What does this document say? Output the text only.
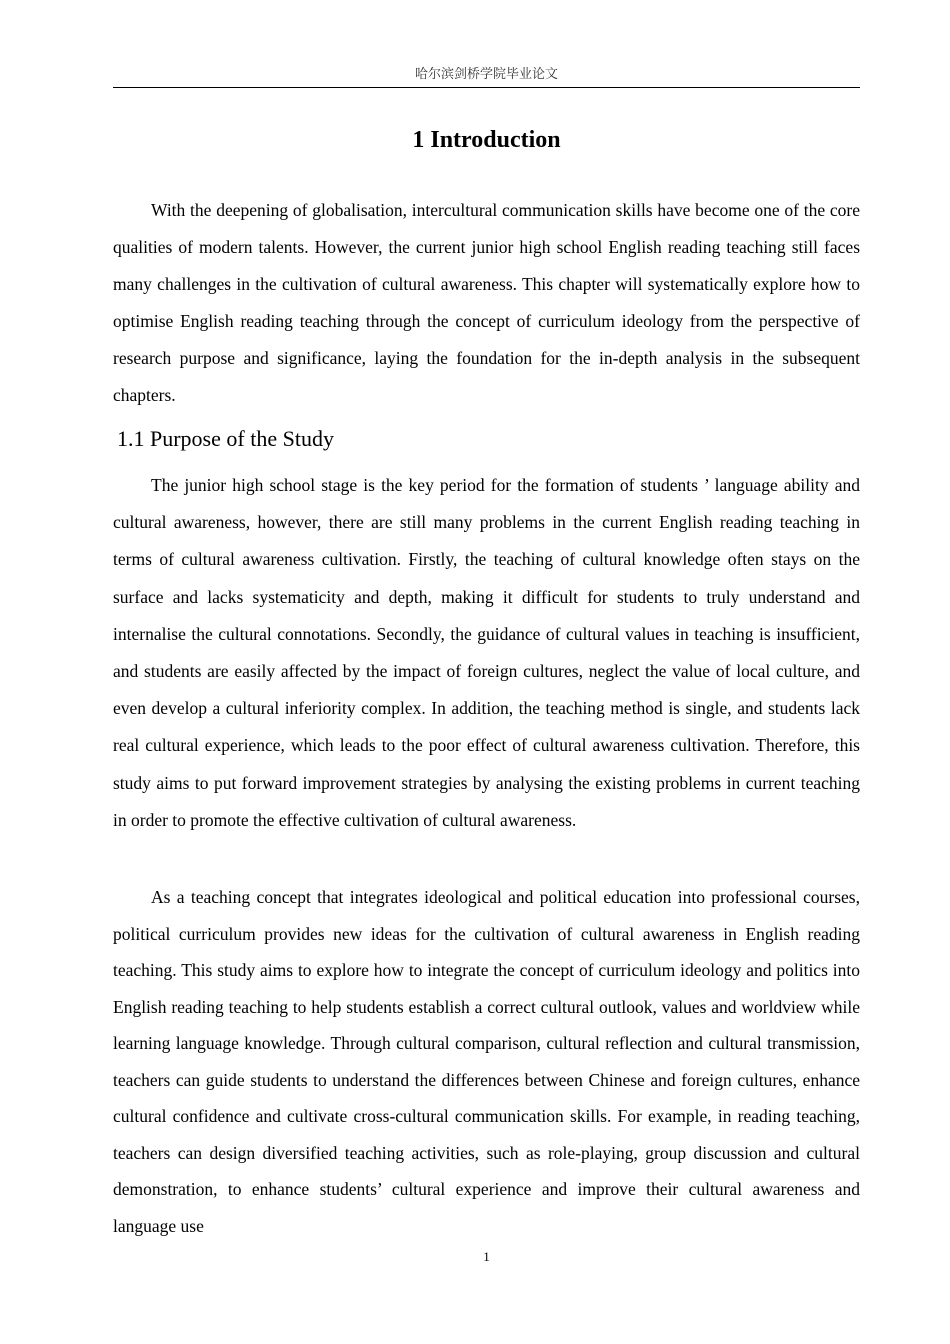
哈尔滨剑桥学院毕业论文
1 Introduction

With the deepening of globalisation, intercultural communication skills have become one of the core qualities of modern talents. However, the current junior high school English reading teaching still faces many challenges in the cultivation of cultural awareness. This chapter will systematically explore how to optimise English reading teaching through the concept of curriculum ideology from the perspective of research purpose and significance, laying the foundation for the in-depth analysis in the subsequent chapters.

1.1 Purpose of the Study

The junior high school stage is the key period for the formation of students ’ language ability and cultural awareness, however, there are still many problems in the current English reading teaching in terms of cultural awareness cultivation. Firstly, the teaching of cultural knowledge often stays on the surface and lacks systematicity and depth, making it difficult for students to truly understand and internalise the cultural connotations. Secondly, the guidance of cultural values in teaching is insufficient, and students are easily affected by the impact of foreign cultures, neglect the value of local culture, and even develop a cultural inferiority complex. In addition, the teaching method is single, and students lack real cultural experience, which leads to the poor effect of cultural awareness cultivation. Therefore, this study aims to put forward improvement strategies by analysing the existing problems in current teaching in order to promote the effective cultivation of cultural awareness.

As a teaching concept that integrates ideological and political education into professional courses, political curriculum provides new ideas for the cultivation of cultural awareness in English reading teaching. This study aims to explore how to integrate the concept of curriculum ideology and politics into English reading teaching to help students establish a correct cultural outlook, values and worldview while learning language knowledge. Through cultural comparison, cultural reflection and cultural transmission, teachers can guide students to understand the differences between Chinese and foreign cultures, enhance cultural confidence and cultivate cross-cultural communication skills. For example, in reading teaching, teachers can design diversified teaching activities, such as role-playing, group discussion and cultural demonstration, to enhance students’ cultural experience and improve their cultural awareness and language use

1
